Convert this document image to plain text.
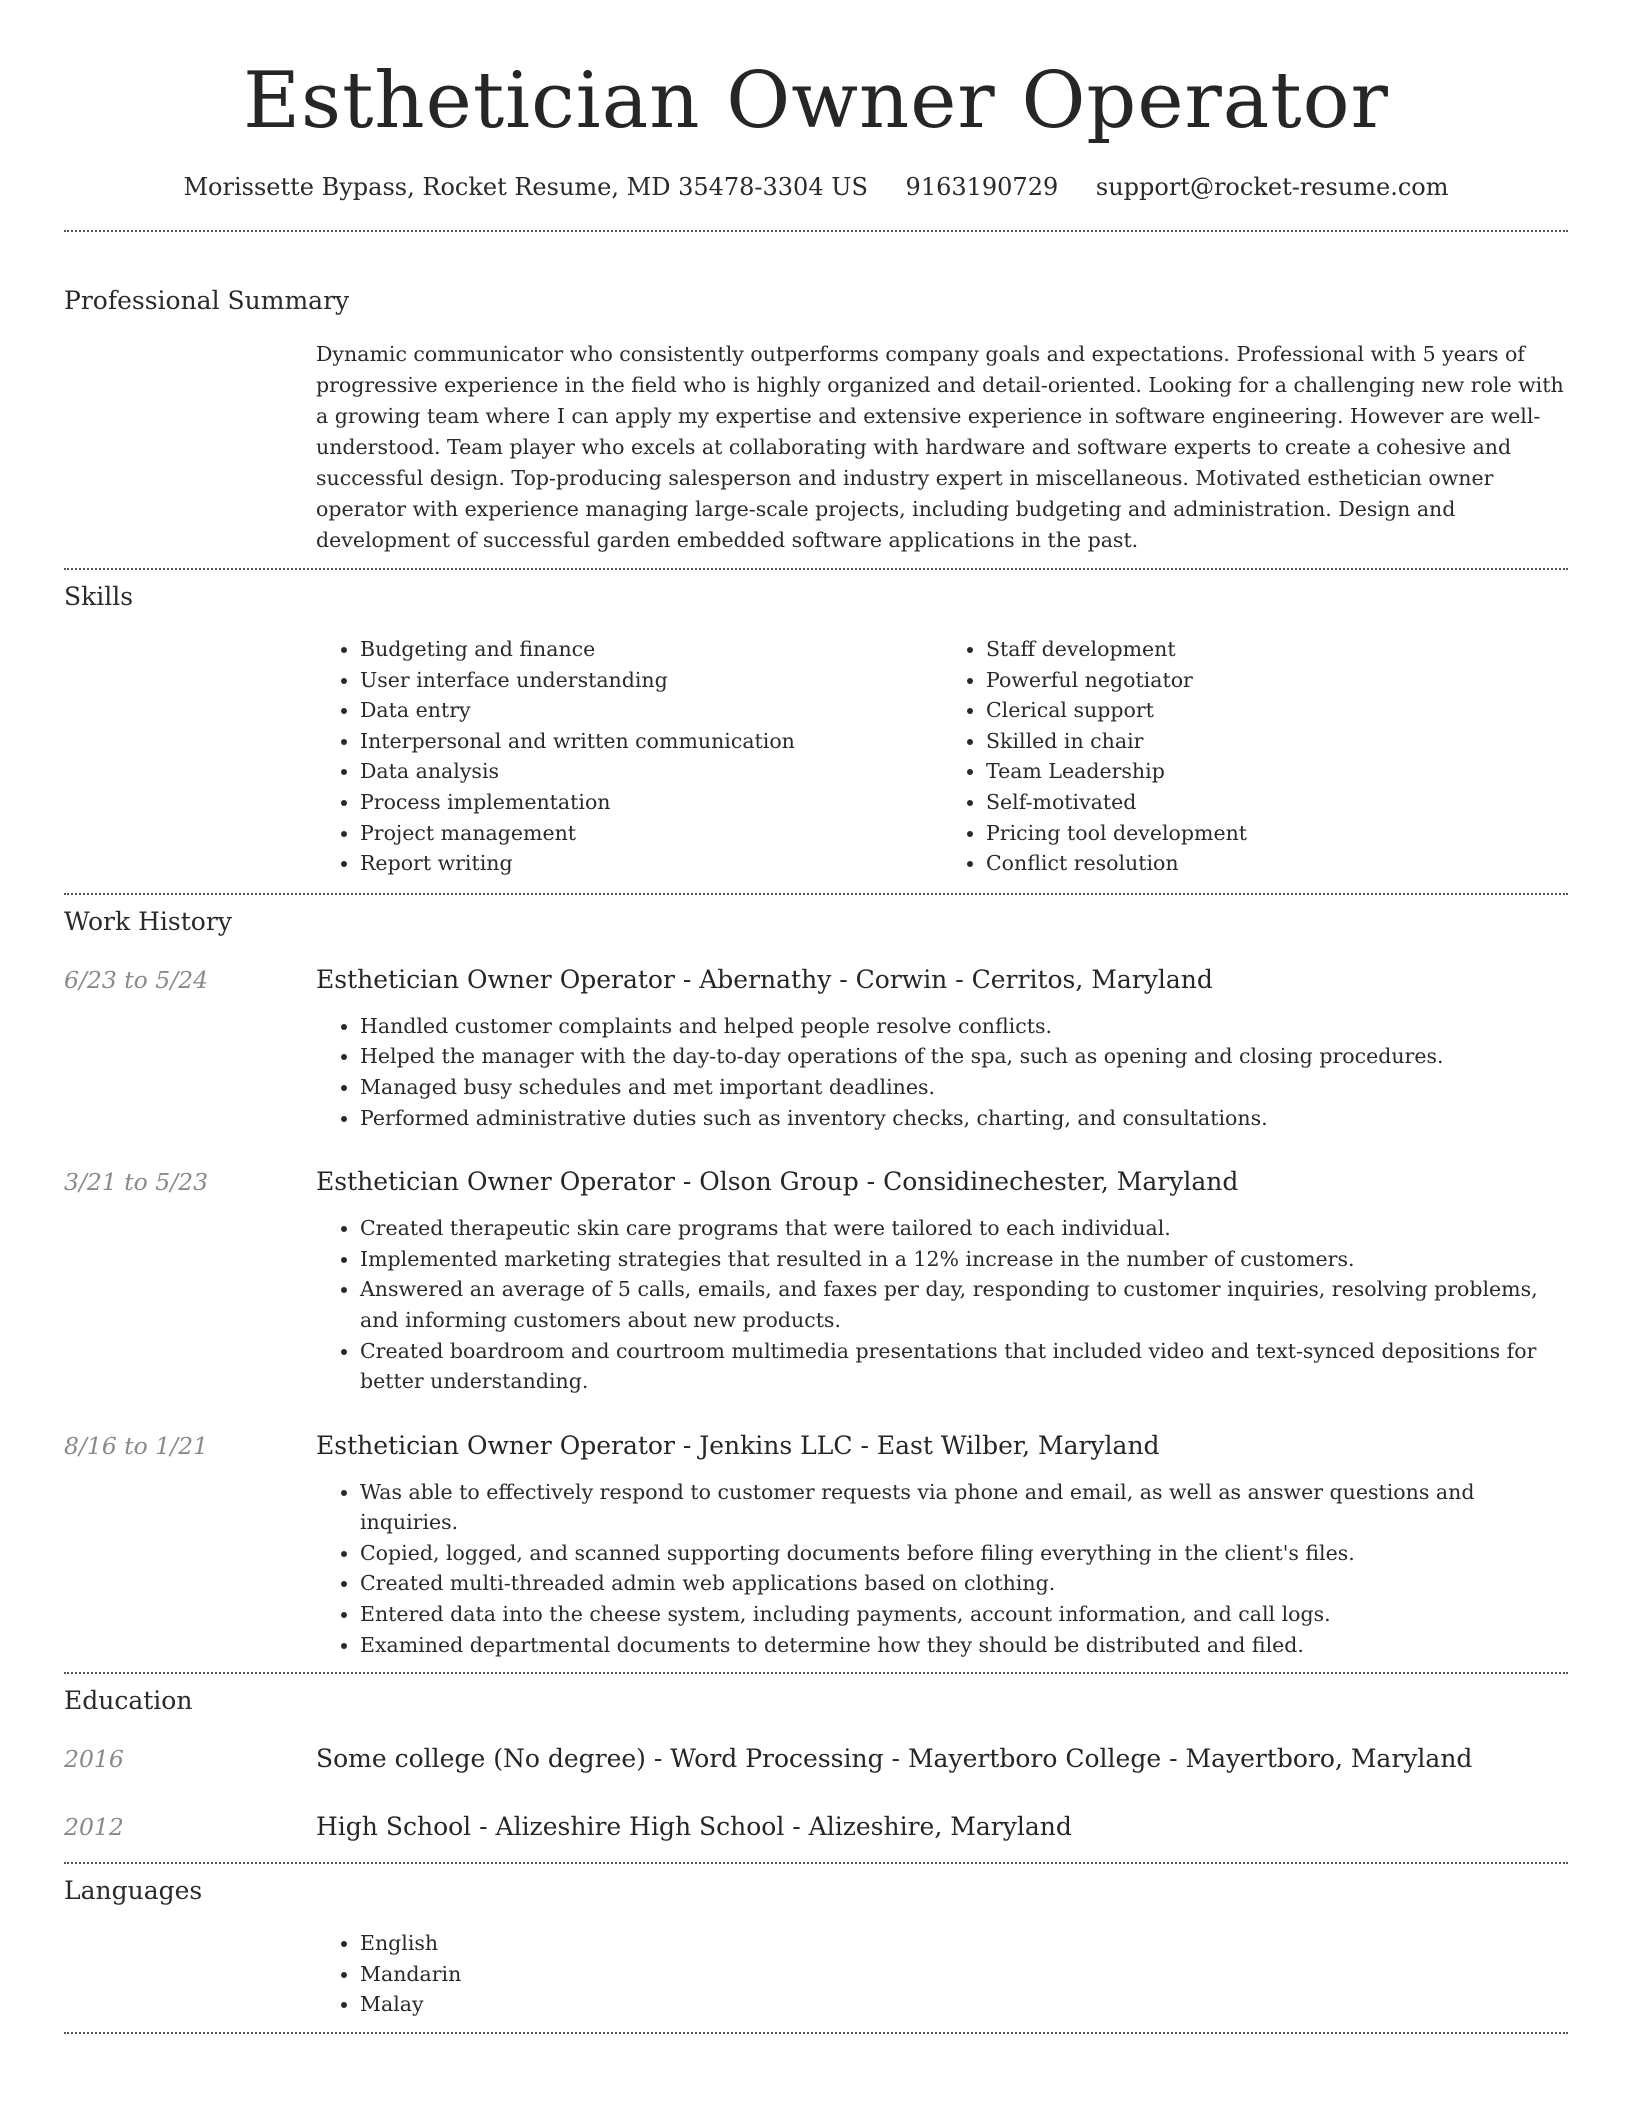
Esthetician Owner Operator
Morissette Bypass, Rocket Resume, MD 35478-3304 US 9163190729 support@rocket-resume.com
Professional Summary

Dynamic communicator who consistently outperforms company goals and expectations. Professional with 5 years of progressive experience in the field who is highly organized and detail-oriented. Looking for a challenging new role with a growing team where I can apply my expertise and extensive experience in software engineering. However are well-understood. Team player who excels at collaborating with hardware and software experts to create a cohesive and successful design. Top-producing salesperson and industry expert in miscellaneous. Motivated esthetician owner operator with experience managing large-scale projects, including budgeting and administration. Design and development of successful garden embedded software applications in the past.

Skills
• Budgeting and finance
• User interface understanding
• Data entry
• Interpersonal and written communication
• Data analysis
• Process implementation
• Project management
• Report writing
• Staff development
• Powerful negotiator
• Clerical support
• Skilled in chair
• Team Leadership
• Self-motivated
• Pricing tool development
• Conflict resolution
Work History
6/23 to 5/24	Esthetician Owner Operator - Abernathy - Corwin - Cerritos, Maryland
• Handled customer complaints and helped people resolve conflicts.
• Helped the manager with the day-to-day operations of the spa, such as opening and closing procedures.
• Managed busy schedules and met important deadlines.
• Performed administrative duties such as inventory checks, charting, and consultations.
3/21 to 5/23	Esthetician Owner Operator - Olson Group - Considinechester, Maryland
• Created therapeutic skin care programs that were tailored to each individual.
• Implemented marketing strategies that resulted in a 12% increase in the number of customers.
• Answered an average of 5 calls, emails, and faxes per day, responding to customer inquiries, resolving problems, and informing customers about new products.
• Created boardroom and courtroom multimedia presentations that included video and text-synced depositions for better understanding.
8/16 to 1/21	Esthetician Owner Operator - Jenkins LLC - East Wilber, Maryland
• Was able to effectively respond to customer requests via phone and email, as well as answer questions and inquiries.
• Copied, logged, and scanned supporting documents before filing everything in the client's files.
• Created multi-threaded admin web applications based on clothing.
• Entered data into the cheese system, including payments, account information, and call logs.
• Examined departmental documents to determine how they should be distributed and filed.
Education
2016	Some college (No degree) - Word Processing - Mayertboro College - Mayertboro, Maryland
2012	High School - Alizeshire High School - Alizeshire, Maryland
Languages
• English
• Mandarin
• Malay
